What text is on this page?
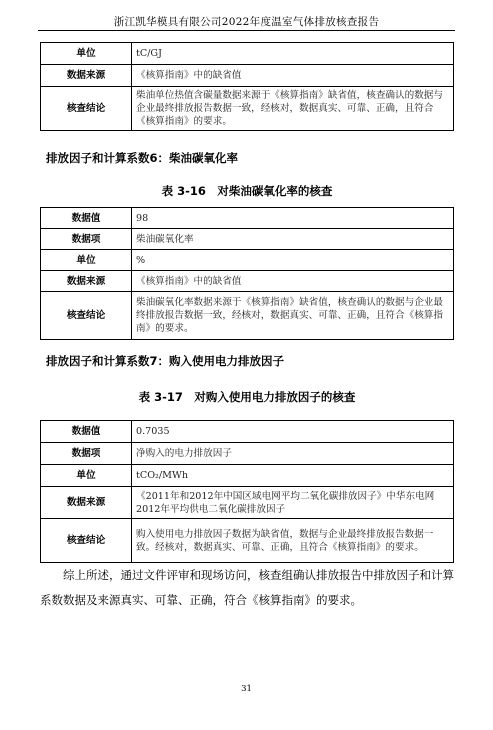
浙江凯华模具有限公司2022年度温室气体排放核查报告
单位	tC/GJ
数据来源	《核算指南》中的缺省值
核查结论	柴油单位热值含碳量数据来源于《核算指南》缺省值，核查确认的数据与企业最终排放报告数据一致，经核对，数据真实、可靠、正确，且符合《核算指南》的要求。
排放因子和计算系数6：柴油碳氧化率
表 3-16　对柴油碳氧化率的核查
数据值	98
数据项	柴油碳氧化率
单位	%
数据来源	《核算指南》中的缺省值
核查结论	柴油碳氧化率数据来源于《核算指南》缺省值，核查确认的数据与企业最终排放报告数据一致，经核对，数据真实、可靠、正确，且符合《核算指南》的要求。
排放因子和计算系数7：购入使用电力排放因子
表 3-17　对购入使用电力排放因子的核查
数据值	0.7035
数据项	净购入的电力排放因子
单位	tCO₂/MWh
数据来源	《2011年和2012年中国区域电网平均二氧化碳排放因子》中华东电网2012年平均供电二氧化碳排放因子
核查结论	购入使用电力排放因子数据为缺省值，数据与企业最终排放报告数据一致。经核对，数据真实、可靠、正确，且符合《核算指南》的要求。
综上所述，通过文件评审和现场访问，核查组确认排放报告中排放因子和计算系数数据及来源真实、可靠、正确，符合《核算指南》的要求。
31
